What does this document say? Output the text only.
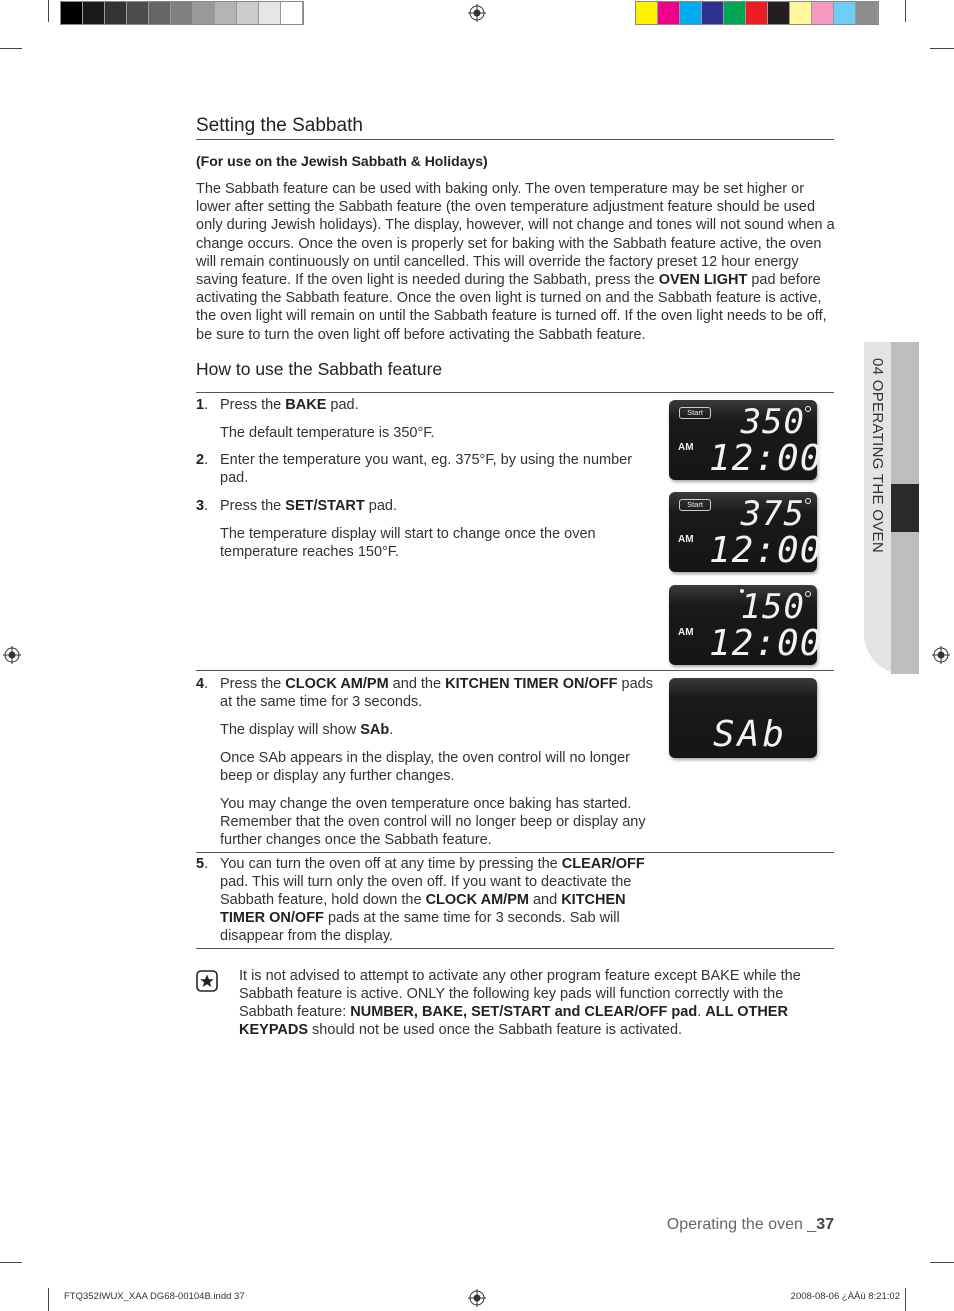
Setting the Sabbath
(For use on the Jewish Sabbath & Holidays)
The Sabbath feature can be used with baking only. The oven temperature may be set higher or lower after setting the Sabbath feature (the oven temperature adjustment feature should be used only during Jewish holidays). The display, however, will not change and tones will not sound when a change occurs. Once the oven is properly set for baking with the Sabbath feature active, the oven will remain continuously on until cancelled. This will override the factory preset 12 hour energy saving feature. If the oven light is needed during the Sabbath, press the OVEN LIGHT pad before activating the Sabbath feature. Once the oven light is turned on and the Sabbath feature is active, the oven light will remain on until the Sabbath feature is turned off. If the oven light needs to be off, be sure to turn the oven light off before activating the Sabbath feature.
How to use the Sabbath feature
1. Press the BAKE pad.

The default temperature is 350°F.

2. Enter the temperature you want, eg. 375°F, by using the number pad.

3. Press the SET/START pad.

The temperature display will start to change once the oven temperature reaches 150°F.

4. Press the CLOCK AM/PM and the KITCHEN TIMER ON/OFF pads at the same time for 3 seconds.

The display will show SAb.

Once SAb appears in the display, the oven control will no longer beep or display any further changes.

You may change the oven temperature once baking has started. Remember that the oven control will no longer beep or display any further changes once the Sabbath feature.

5. You can turn the oven off at any time by pressing the CLEAR/OFF pad. This will turn only the oven off. If you want to deactivate the Sabbath feature, hold down the CLOCK AM/PM and KITCHEN TIMER ON/OFF pads at the same time for 3 seconds. Sab will disappear from the display.

Start 350
AM 12:00
Start 375
AM 12:00
150
AM 12:00
SAb
It is not advised to attempt to activate any other program feature except BAKE while the Sabbath feature is active. ONLY the following key pads will function correctly with the Sabbath feature: NUMBER, BAKE, SET/START and CLEAR/OFF pad. ALL OTHER KEYPADS should not be used once the Sabbath feature is activated.
04 OPERATING THE OVEN
Operating the oven _37
FTQ352IWUX_XAA DG68-00104B.indd 37	2008-08-06 ¿ÀÀü 8:21:02
